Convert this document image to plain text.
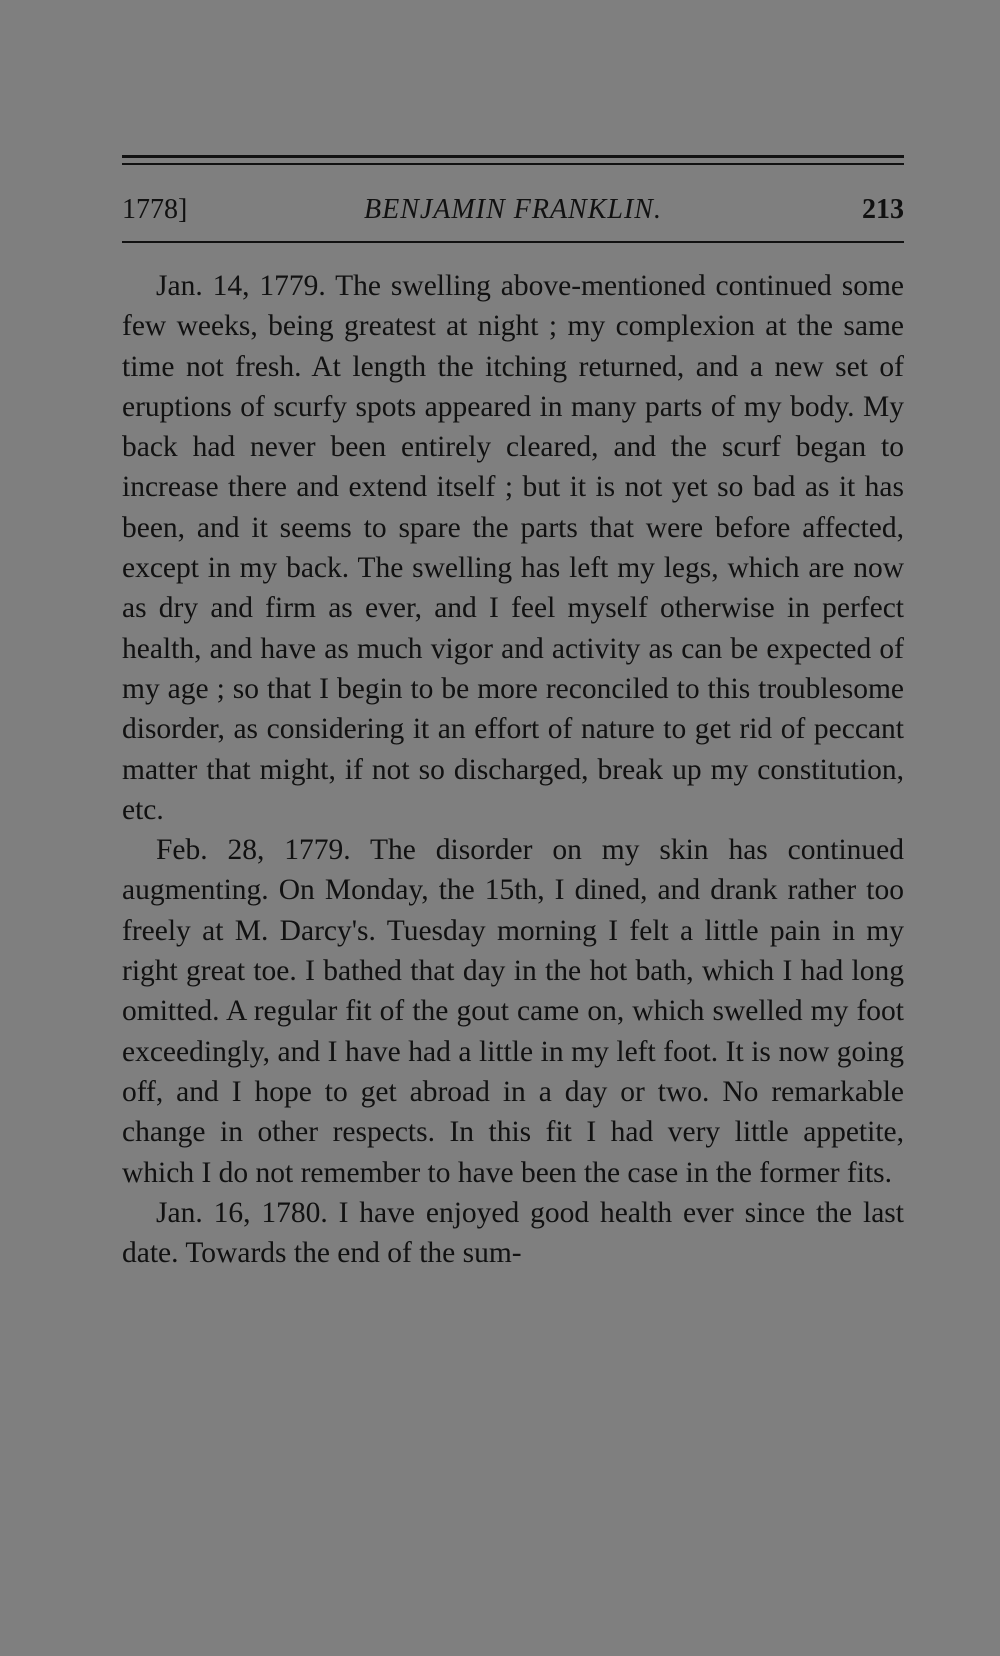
1778]	BENJAMIN FRANKLIN.	213

Jan. 14, 1779. The swelling above-mentioned continued some few weeks, being greatest at night ; my complexion at the same time not fresh. At length the itching returned, and a new set of eruptions of scurfy spots appeared in many parts of my body. My back had never been entirely cleared, and the scurf began to increase there and extend itself ; but it is not yet so bad as it has been, and it seems to spare the parts that were before affected, except in my back. The swelling has left my legs, which are now as dry and firm as ever, and I feel myself otherwise in perfect health, and have as much vigor and activity as can be expected of my age ; so that I begin to be more reconciled to this troublesome disorder, as considering it an effort of nature to get rid of peccant matter that might, if not so discharged, break up my constitution, etc.

Feb. 28, 1779. The disorder on my skin has continued augmenting. On Monday, the 15th, I dined, and drank rather too freely at M. Darcy's. Tuesday morning I felt a little pain in my right great toe. I bathed that day in the hot bath, which I had long omitted. A regular fit of the gout came on, which swelled my foot exceedingly, and I have had a little in my left foot. It is now going off, and I hope to get abroad in a day or two. No remarkable change in other respects. In this fit I had very little appetite, which I do not remember to have been the case in the former fits.

Jan. 16, 1780. I have enjoyed good health ever since the last date. Towards the end of the sum-
